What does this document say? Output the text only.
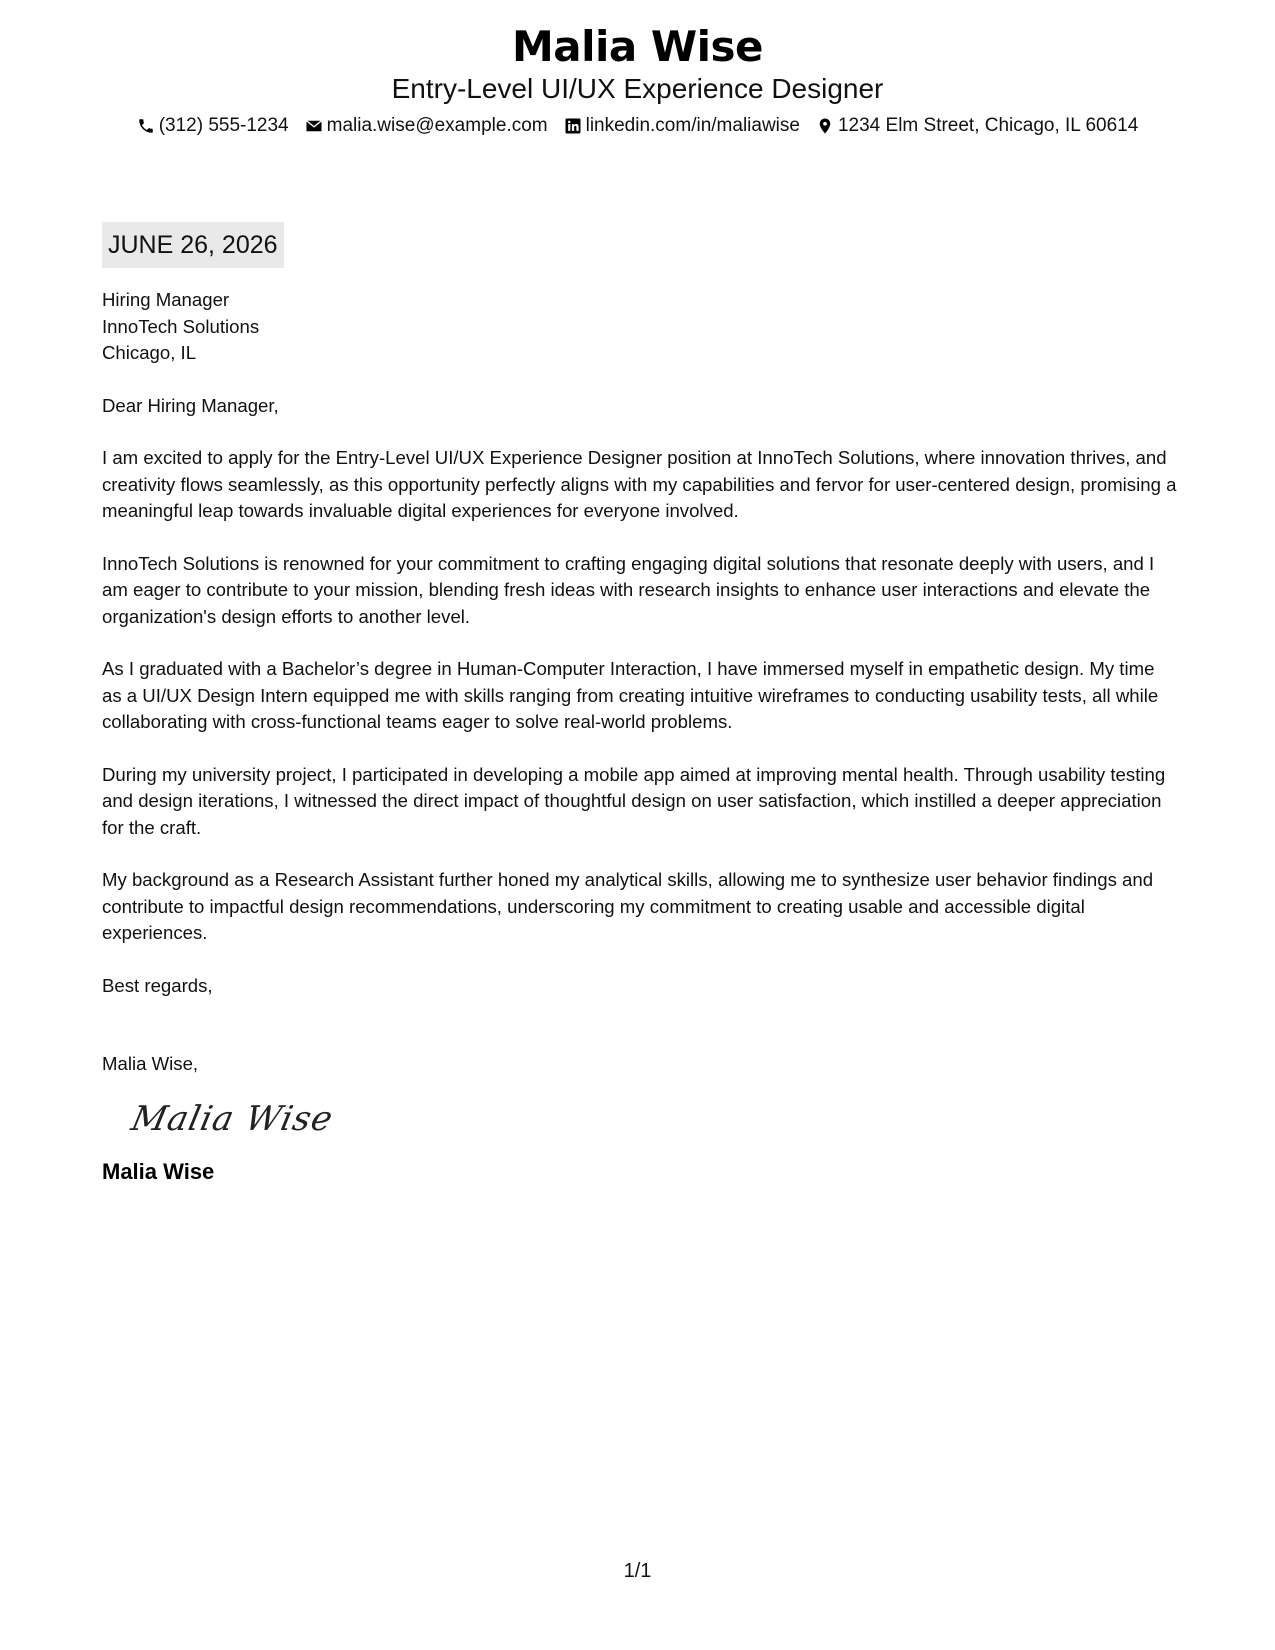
Malia Wise
Entry-Level UI/UX Experience Designer
(312) 555-1234 malia.wise@example.com linkedin.com/in/maliawise 1234 Elm Street, Chicago, IL 60614
JUNE 26, 2026
Hiring Manager
InnoTech Solutions
Chicago, IL
Dear Hiring Manager,
I am excited to apply for the Entry-Level UI/UX Experience Designer position at InnoTech Solutions, where innovation thrives, and creativity flows seamlessly, as this opportunity perfectly aligns with my capabilities and fervor for user-centered design, promising a meaningful leap towards invaluable digital experiences for everyone involved.
InnoTech Solutions is renowned for your commitment to crafting engaging digital solutions that resonate deeply with users, and I am eager to contribute to your mission, blending fresh ideas with research insights to enhance user interactions and elevate the organization's design efforts to another level.
As I graduated with a Bachelor’s degree in Human-Computer Interaction, I have immersed myself in empathetic design. My time as a UI/UX Design Intern equipped me with skills ranging from creating intuitive wireframes to conducting usability tests, all while collaborating with cross-functional teams eager to solve real-world problems.
During my university project, I participated in developing a mobile app aimed at improving mental health. Through usability testing and design iterations, I witnessed the direct impact of thoughtful design on user satisfaction, which instilled a deeper appreciation for the craft.
My background as a Research Assistant further honed my analytical skills, allowing me to synthesize user behavior findings and contribute to impactful design recommendations, underscoring my commitment to creating usable and accessible digital experiences.
Best regards,
Malia Wise,
Malia Wise
Malia Wise
1/1
